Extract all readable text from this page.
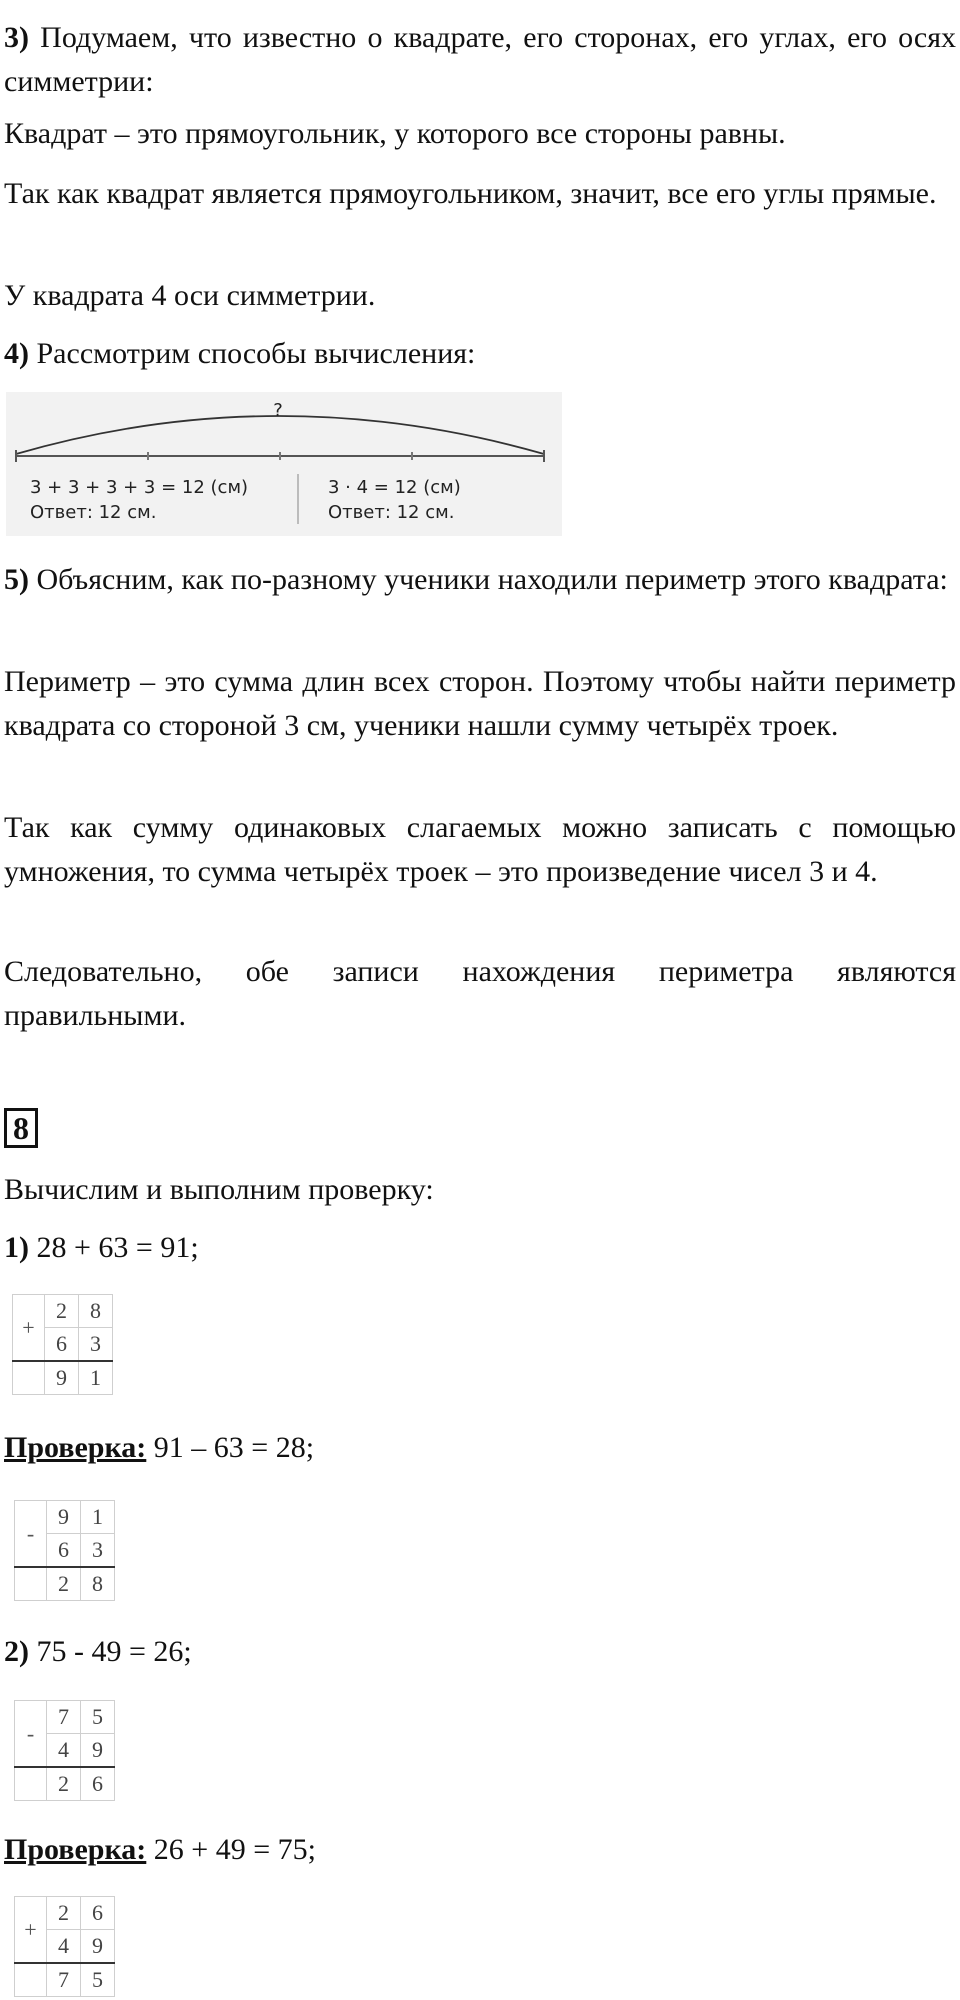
3) Подумаем, что известно о квадрате, его сторонах, его углах, его осях симметрии:
Квадрат – это прямоугольник, у которого все стороны равны.
Так как квадрат является прямоугольником, значит, все его углы прямые.
У квадрата 4 оси симметрии.
4) Рассмотрим способы вычисления:
?
3 + 3 + 3 + 3 = 12 (см)
Ответ: 12 см.
3 · 4 = 12 (см)
Ответ: 12 см.
5) Объясним, как по-разному ученики находили периметр этого квадрата:
Периметр – это сумма длин всех сторон. Поэтому чтобы найти периметр квадрата со стороной 3 см, ученики нашли сумму четырёх троек.
Так как сумму одинаковых слагаемых можно записать с помощью умножения, то сумма четырёх троек – это произведение чисел 3 и 4.
Следовательно, обе записи нахождения периметра являются правильными.
8
Вычислим и выполним проверку:
1) 28 + 63 = 91;
+	2	8
	6	3
	9	1
Проверка: 91 – 63 = 28;
-	9	1
	6	3
	2	8
2) 75 - 49 = 26;
-	7	5
	4	9
	2	6
Проверка: 26 + 49 = 75;
+	2	6
	4	9
	7	5
